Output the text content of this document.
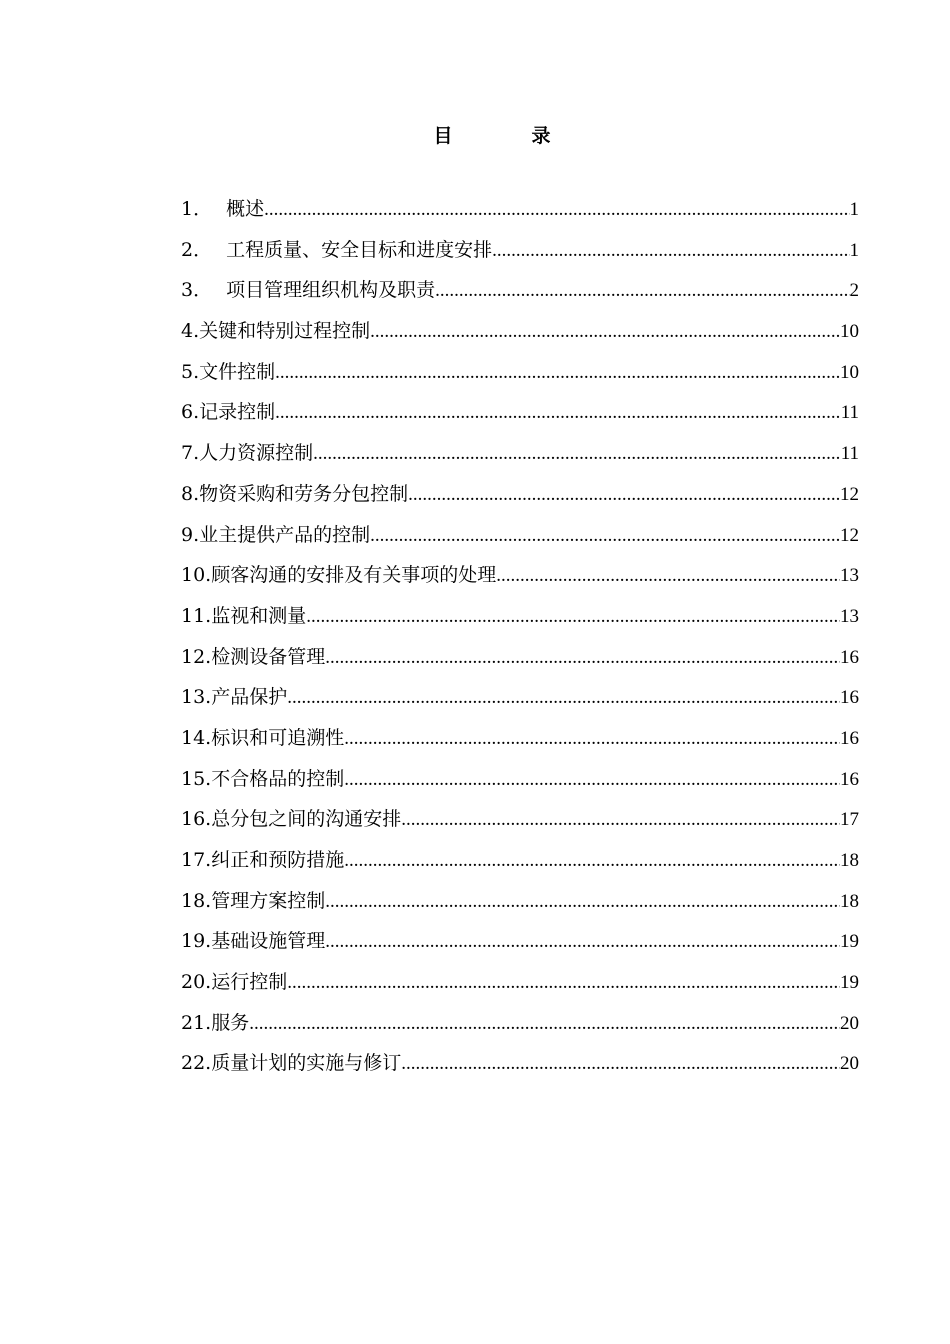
目　录
1． 概述 .....	1
2． 工程质量、安全目标和进度安排 .....	1
3． 项目管理组织机构及职责 .....	2
4. 关键和特别过程控制 .....	10
5. 文件控制 .....	10
6. 记录控制 .....	11
7. 人力资源控制 .....	11
8. 物资采购和劳务分包控制 .....	12
9. 业主提供产品的控制 .....	12
10. 顾客沟通的安排及有关事项的处理 .....	13
11. 监视和测量 .....	13
12. 检测设备管理 .....	16
13. 产品保护 .....	16
14. 标识和可追溯性 .....	16
15. 不合格品的控制 .....	16
16. 总分包之间的沟通安排 .....	17
17. 纠正和预防措施 .....	18
18. 管理方案控制 .....	18
19. 基础设施管理 .....	19
20. 运行控制 .....	19
21. 服务 .....	20
22. 质量计划的实施与修订 .....	20
